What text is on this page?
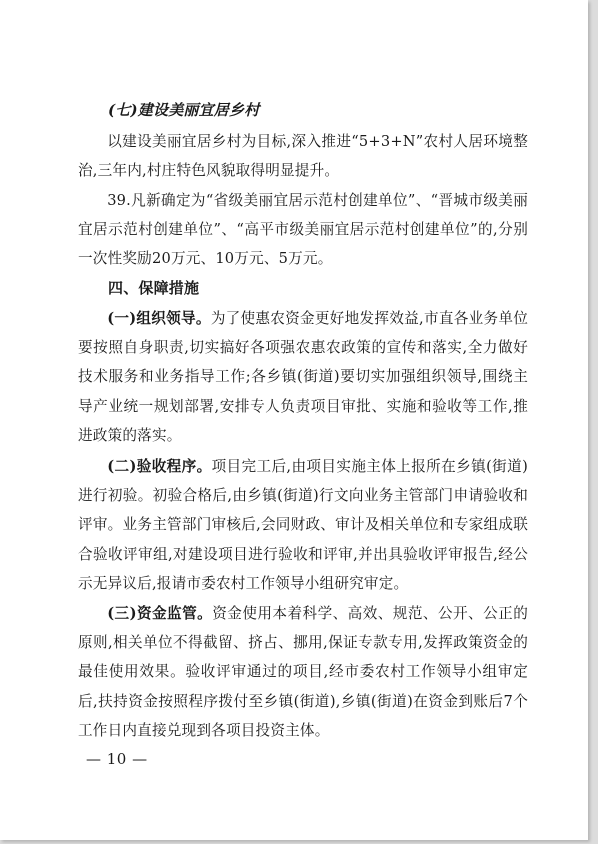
(七)建设美丽宜居乡村

以建设美丽宜居乡村为目标,深入推进“5+3+N”农村人居环境整治,三年内,村庄特色风貌取得明显提升。

39.凡新确定为“省级美丽宜居示范村创建单位”、“晋城市级美丽宜居示范村创建单位”、“高平市级美丽宜居示范村创建单位”的,分别一次性奖励20万元、10万元、5万元。

四、保障措施

(一)组织领导。为了使惠农资金更好地发挥效益,市直各业务单位要按照自身职责,切实搞好各项强农惠农政策的宣传和落实,全力做好技术服务和业务指导工作;各乡镇(街道)要切实加强组织领导,围绕主导产业统一规划部署,安排专人负责项目审批、实施和验收等工作,推进政策的落实。

(二)验收程序。项目完工后,由项目实施主体上报所在乡镇(街道)进行初验。初验合格后,由乡镇(街道)行文向业务主管部门申请验收和评审。业务主管部门审核后,会同财政、审计及相关单位和专家组成联合验收评审组,对建设项目进行验收和评审,并出具验收评审报告,经公示无异议后,报请市委农村工作领导小组研究审定。

(三)资金监管。资金使用本着科学、高效、规范、公开、公正的原则,相关单位不得截留、挤占、挪用,保证专款专用,发挥政策资金的最佳使用效果。验收评审通过的项目,经市委农村工作领导小组审定后,扶持资金按照程序拨付至乡镇(街道),乡镇(街道)在资金到账后7个工作日内直接兑现到各项目投资主体。

— 10 —
